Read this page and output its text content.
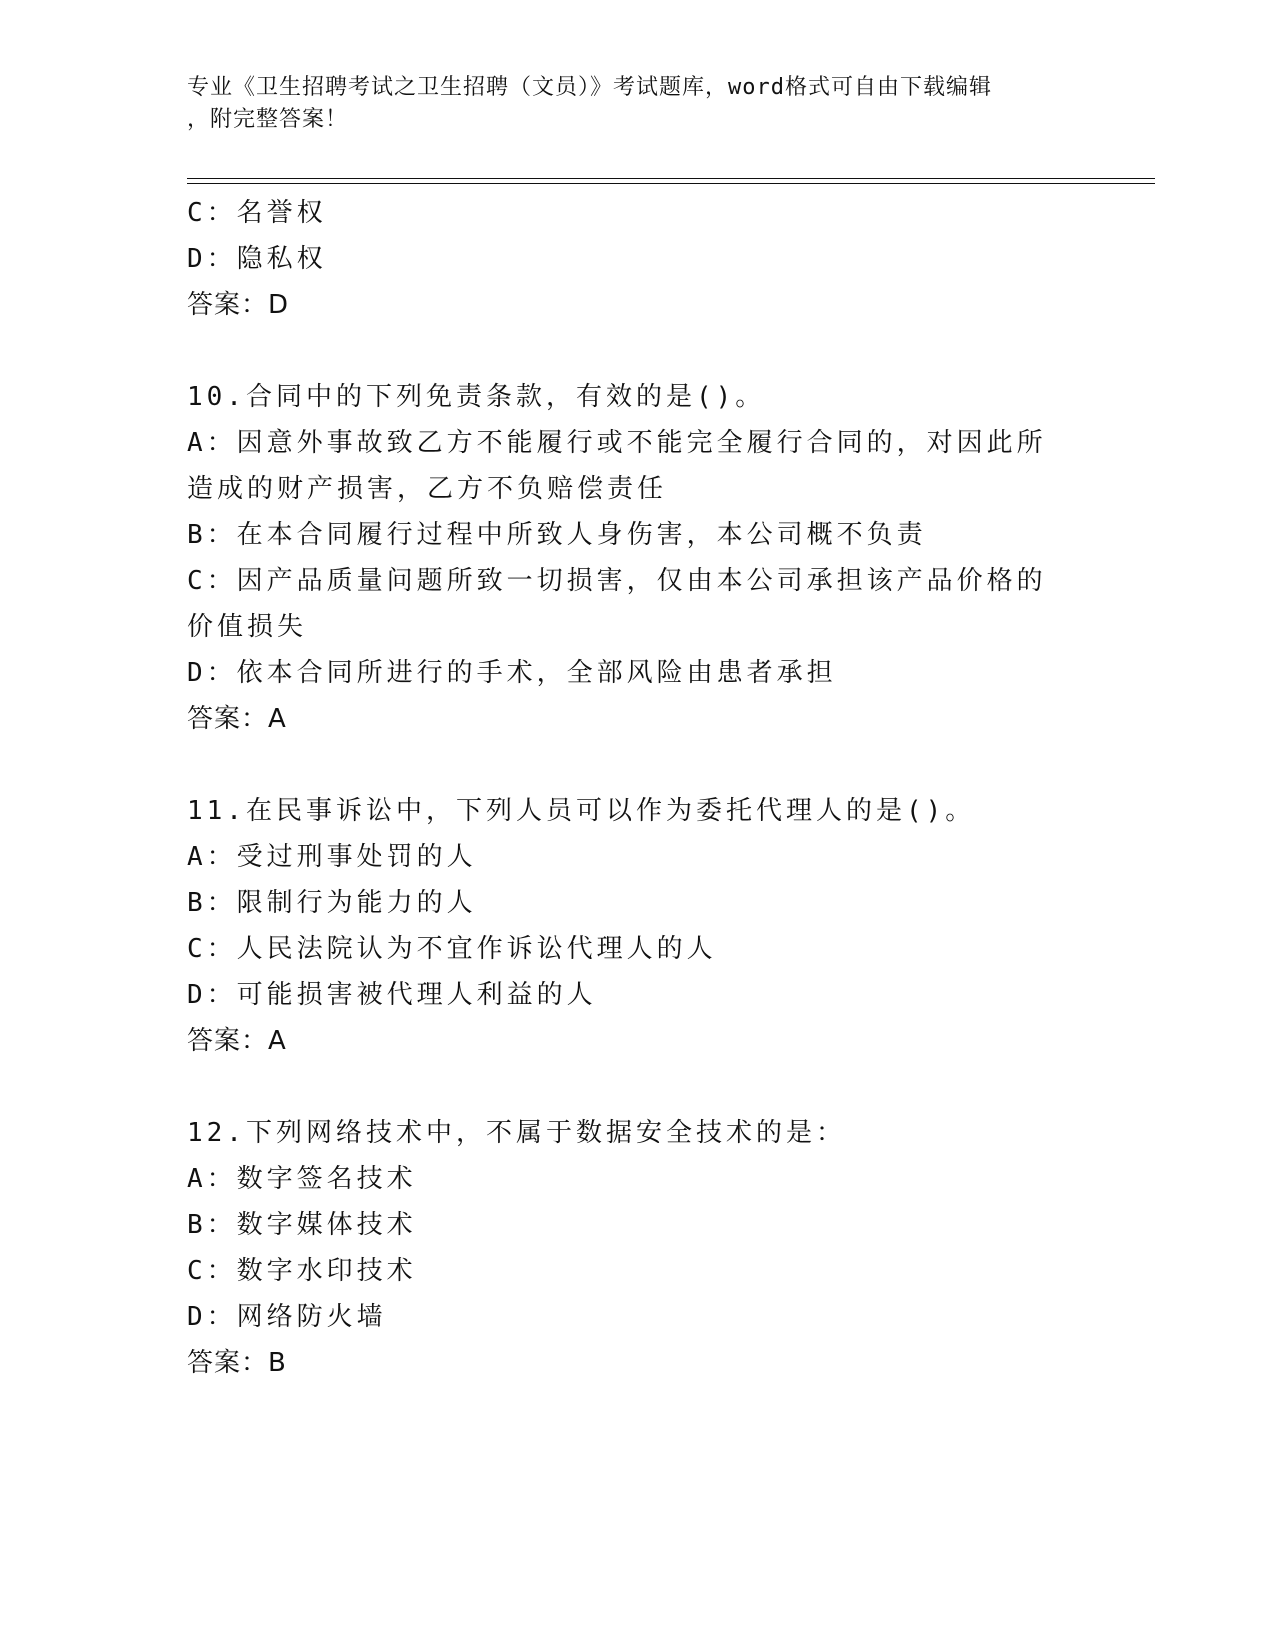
专业《卫生招聘考试之卫生招聘（文员）》考试题库，word格式可自由下载编辑
，附完整答案！
C：名誉权
D：隐私权
答案：D
10.合同中的下列免责条款，有效的是()。
A：因意外事故致乙方不能履行或不能完全履行合同的，对因此所造成的财产损害，乙方不负赔偿责任
B：在本合同履行过程中所致人身伤害，本公司概不负责
C：因产品质量问题所致一切损害，仅由本公司承担该产品价格的价值损失
D：依本合同所进行的手术，全部风险由患者承担
答案：A
11.在民事诉讼中，下列人员可以作为委托代理人的是()。
A：受过刑事处罚的人
B：限制行为能力的人
C：人民法院认为不宜作诉讼代理人的人
D：可能损害被代理人利益的人
答案：A
12.下列网络技术中，不属于数据安全技术的是：
A：数字签名技术
B：数字媒体技术
C：数字水印技术
D：网络防火墙
答案：B
